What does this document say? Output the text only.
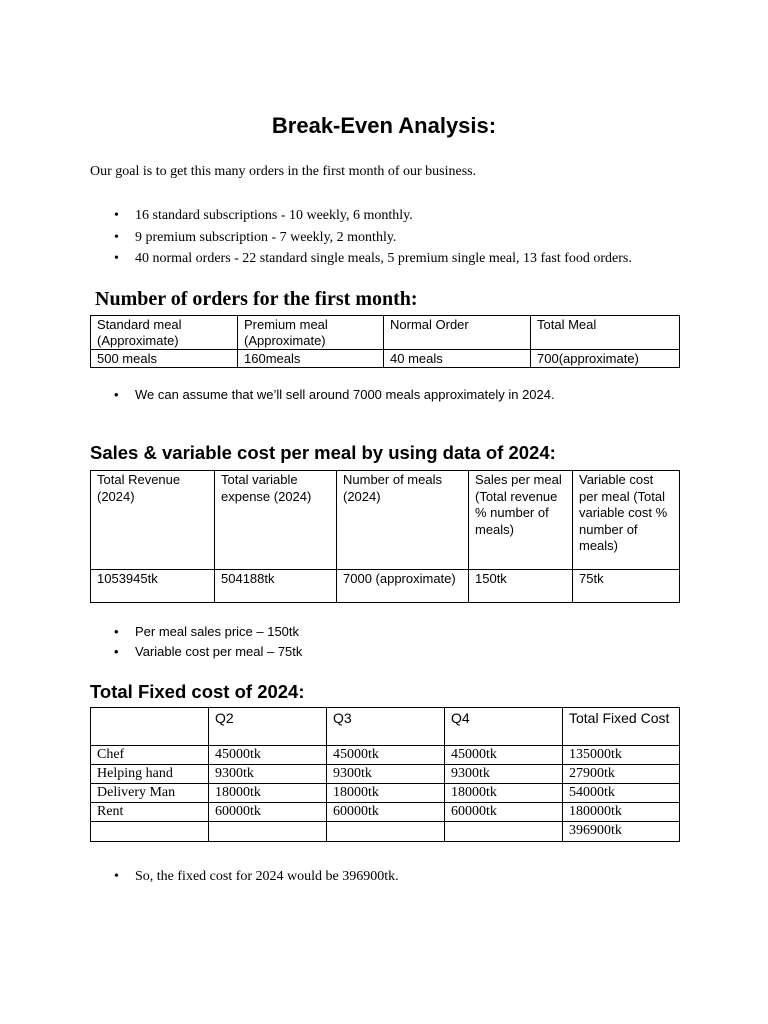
Break-Even Analysis:

Our goal is to get this many orders in the first month of our business.

• 16 standard subscriptions - 10 weekly, 6 monthly.
• 9 premium subscription - 7 weekly, 2 monthly.
• 40 normal orders - 22 standard single meals, 5 premium single meal, 13 fast food orders.
Number of orders for the first month:
Standard meal (Approximate)	Premium meal (Approximate)	Normal Order	Total Meal
500 meals	160meals	40 meals	700(approximate)
• We can assume that we’ll sell around 7000 meals approximately in 2024.
Sales & variable cost per meal by using data of 2024:
Total Revenue (2024)	Total variable expense (2024)	Number of meals (2024)	Sales per meal (Total revenue % number of meals)	Variable cost per meal (Total variable cost % number of meals)
1053945tk	504188tk	7000 (approximate)	150tk	75tk
• Per meal sales price – 150tk
• Variable cost per meal – 75tk
Total Fixed cost of 2024:
	Q2	Q3	Q4	Total Fixed Cost
Chef	45000tk	45000tk	45000tk	135000tk
Helping hand	9300tk	9300tk	9300tk	27900tk
Delivery Man	18000tk	18000tk	18000tk	54000tk
Rent	60000tk	60000tk	60000tk	180000tk
				396900tk
• So, the fixed cost for 2024 would be 396900tk.
